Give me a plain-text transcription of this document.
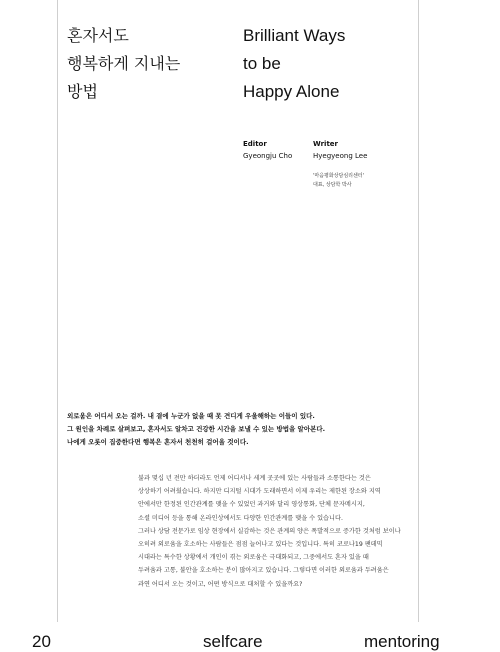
혼자서도
행복하게 지내는
방법
Brilliant Ways
to be
Happy Alone
Editor
Gyeongju Cho
Writer
Hyegyeong Lee
'마음평화상담심리센터'
대표, 상담학 박사
외로움은 어디서 오는 걸까. 내 곁에 누군가 없을 때 못 견디게 우울해하는 이들이 있다.
그 원인을 차례로 살펴보고, 혼자서도 알차고 건강한 시간을 보낼 수 있는 방법을 알아본다.
나에게 오롯이 집중한다면 행복은 혼자서 천천히 걸어올 것이다.
불과 몇십 년 전만 하더라도 언제 어디서나 세계 곳곳에 있는 사람들과 소통한다는 것은
상상하기 어려웠습니다. 하지만 디지털 시대가 도래하면서 이제 우리는 제한된 장소와 지역
안에서만 한정된 인간관계를 맺을 수 있었던 과거와 달리 영상통화, 단체 문자메시지,
소셜 미디어 등을 통해 온라인상에서도 다양한 인간관계를 맺을 수 있습니다.
그러나 상담 전문가로 임상 현장에서 실감하는 것은 관계의 양은 폭발적으로 증가한 것처럼 보이나
오히려 외로움을 호소하는 사람들은 점점 늘어나고 있다는 것입니다. 특히 코로나19 팬데믹
시대라는 특수한 상황에서 개인이 겪는 외로움은 극대화되고, 그중에서도 혼자 있을 때
두려움과 고통, 불안을 호소하는 분이 많아지고 있습니다. 그렇다면 이러한 외로움과 두려움은
과연 어디서 오는 것이고, 어떤 방식으로 대처할 수 있을까요?
20	selfcare	mentoring
